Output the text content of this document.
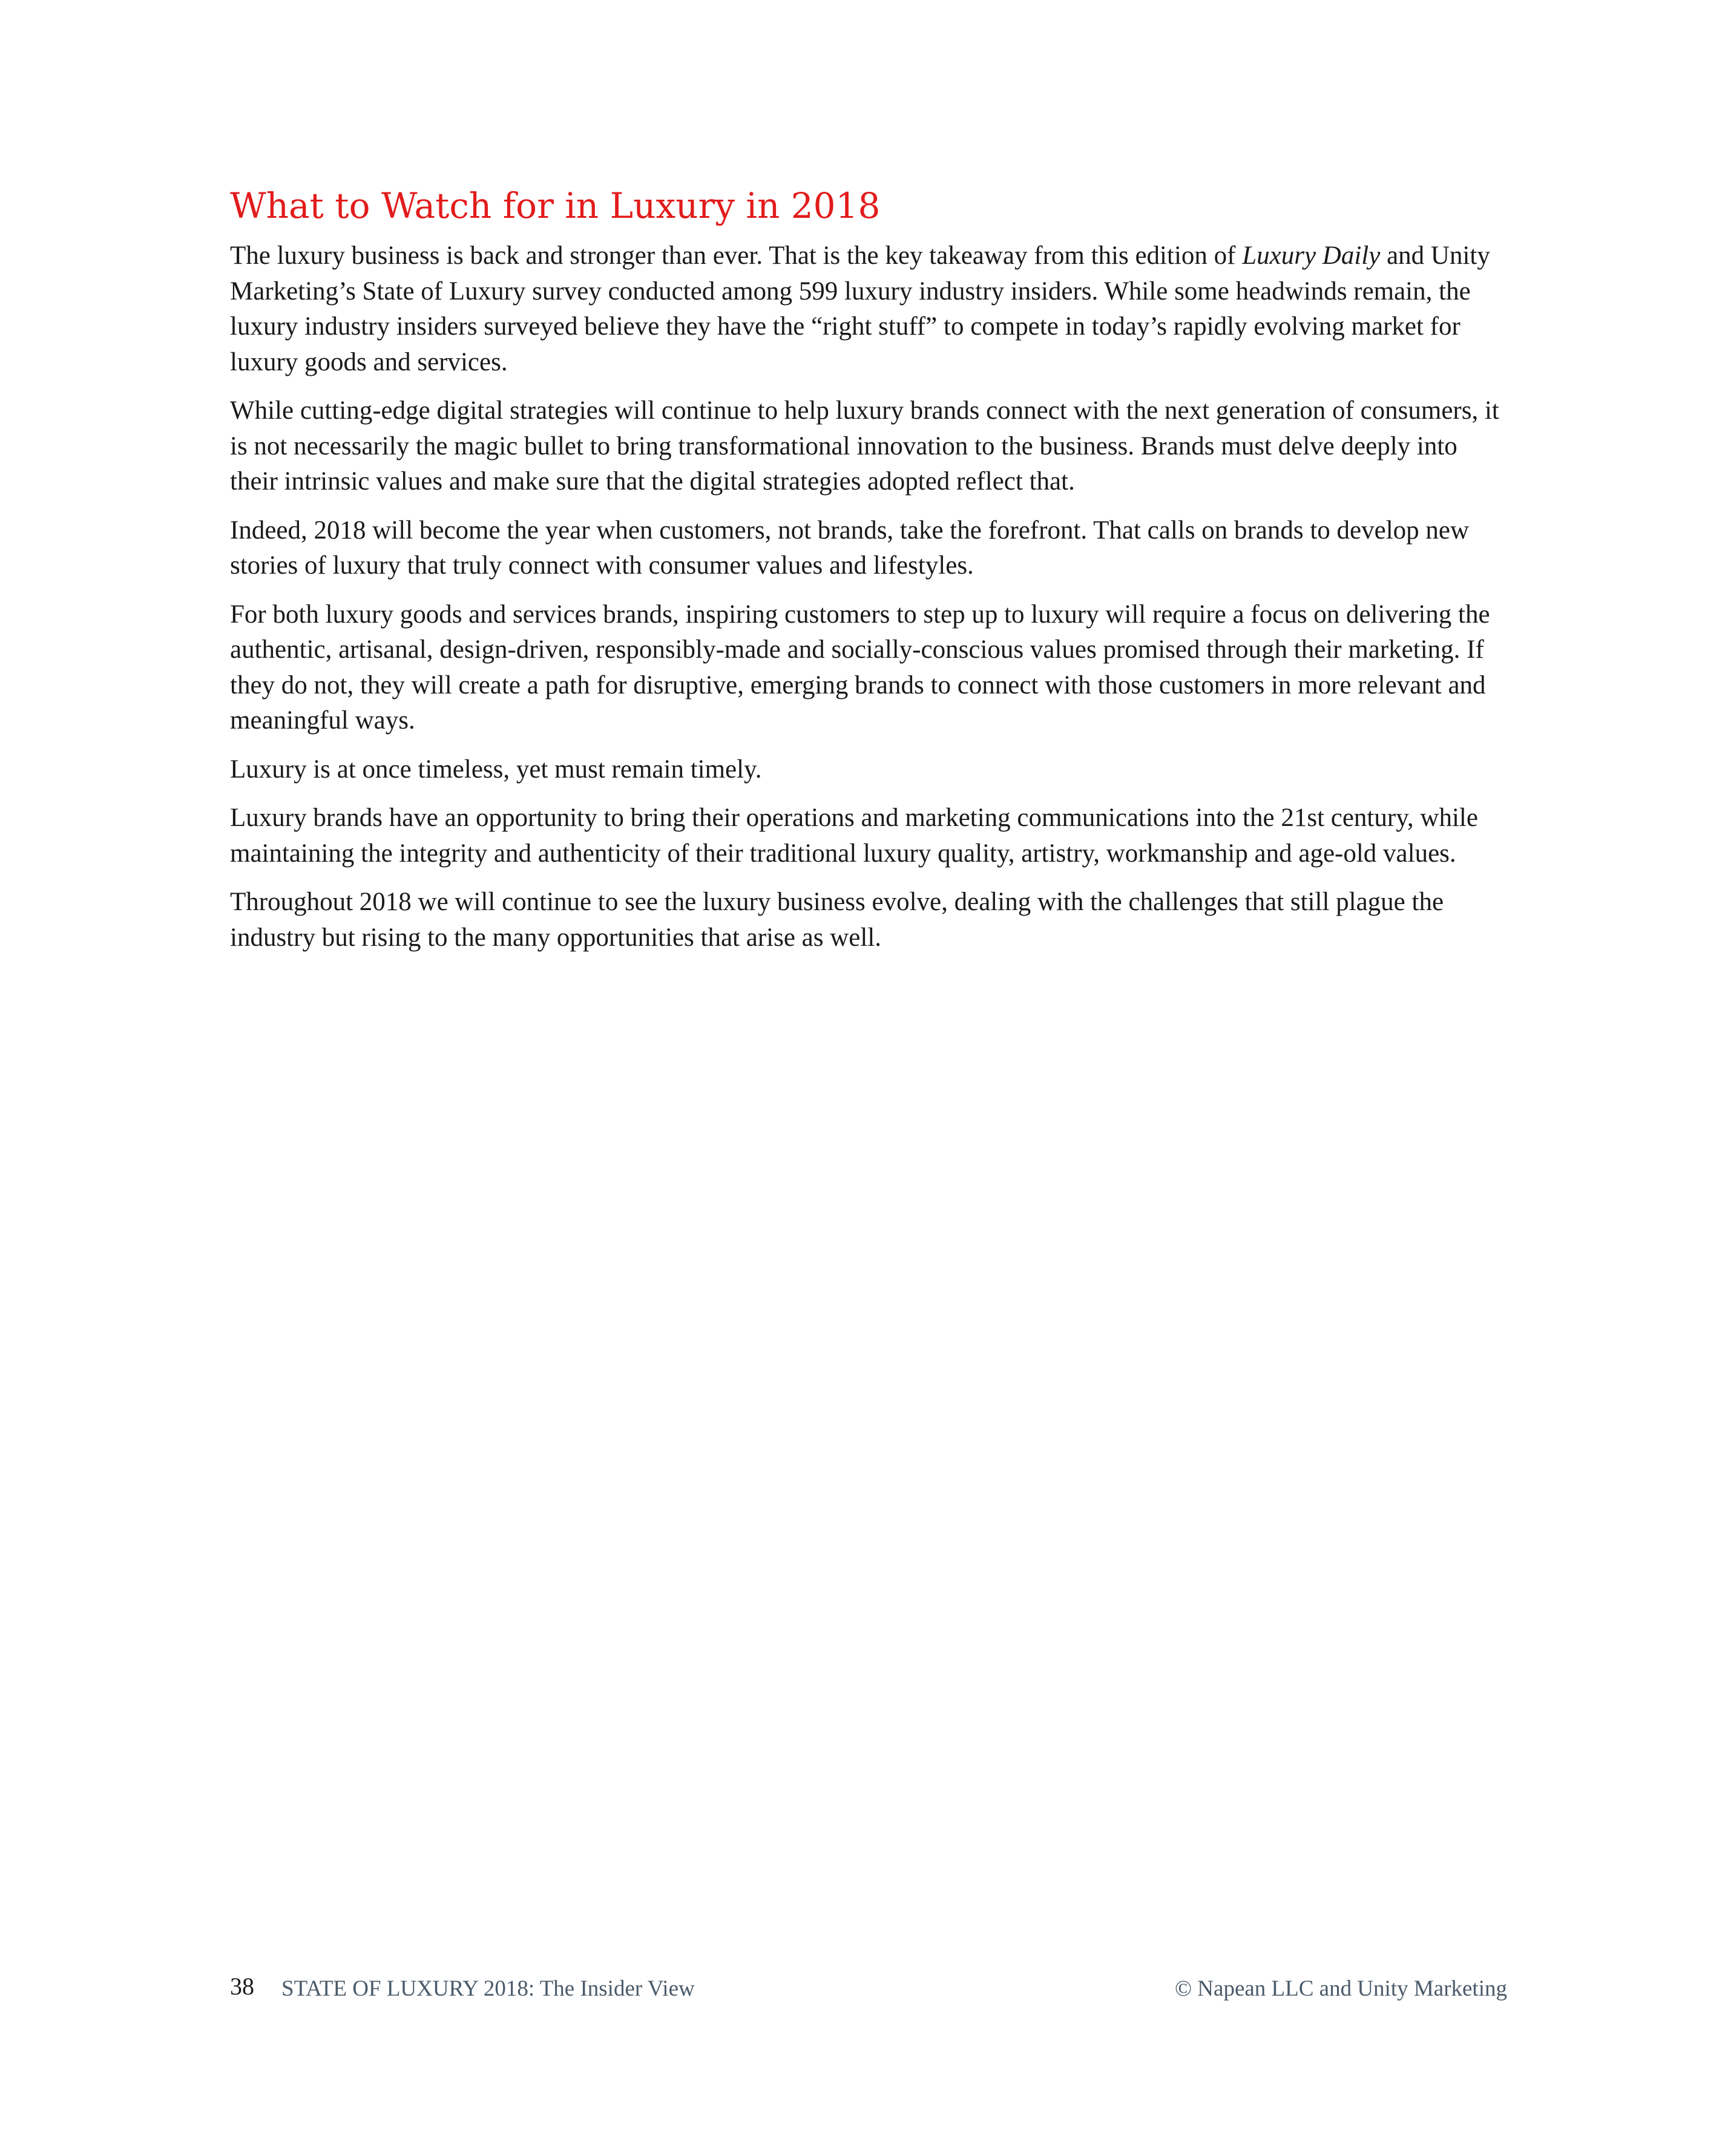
What to Watch for in Luxury in 2018

The luxury business is back and stronger than ever. That is the key takeaway from this edition of Luxury Daily and Unity Marketing’s State of Luxury survey conducted among 599 luxury industry insiders. While some headwinds remain, the luxury industry insiders surveyed believe they have the “right stuff” to compete in today’s rapidly evolving market for luxury goods and services.

While cutting-edge digital strategies will continue to help luxury brands connect with the next generation of consumers, it is not necessarily the magic bullet to bring transformational innovation to the business. Brands must delve deeply into their intrinsic values and make sure that the digital strategies adopted reflect that.

Indeed, 2018 will become the year when customers, not brands, take the forefront. That calls on brands to develop new stories of luxury that truly connect with consumer values and lifestyles.

For both luxury goods and services brands, inspiring customers to step up to luxury will require a focus on delivering the authentic, artisanal, design-driven, responsibly-made and socially-conscious values promised through their marketing. If they do not, they will create a path for disruptive, emerging brands to connect with those customers in more relevant and meaningful ways.

Luxury is at once timeless, yet must remain timely.

Luxury brands have an opportunity to bring their operations and marketing communications into the 21st century, while maintaining the integrity and authenticity of their traditional luxury quality, artistry, workmanship and age-old values.

Throughout 2018 we will continue to see the luxury business evolve, dealing with the challenges that still plague the industry but rising to the many opportunities that arise as well.

38 STATE OF LUXURY 2018: The Insider View	© Napean LLC and Unity Marketing
